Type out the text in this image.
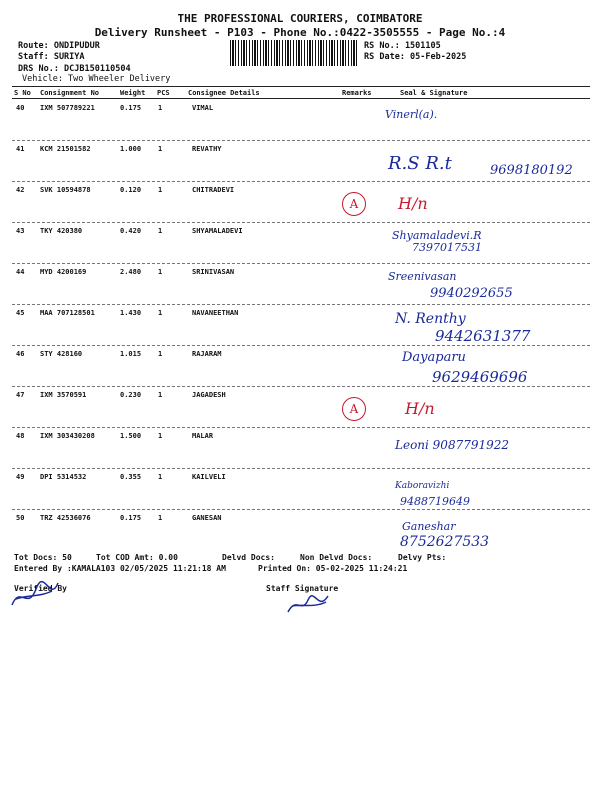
THE PROFESSIONAL COURIERS, COIMBATORE
Delivery Runsheet - P103 - Phone No.:0422-3505555 - Page No.:4
Route: ONDIPUDUR
Staff: SURIYA
DRS No.: DCJB150110504
Vehicle: Two Wheeler Delivery
RS No.: 1501105
RS Date: 05-Feb-2025
S No Consignment No	Weight PCS	Consignee Details	Remarks	Seal & Signature
40 IXM 507789221	0.175 1	VIMAL	Vinerl(a).
41 KCM 21501582	1.000 1	REVATHY
R.S R.t	9698180192
42 SVK 10594878	0.120 1	CHITRADEVI
A	H/n
43 TKY 420380	0.420 1	SHYAMALADEVI	Shyamaladevi.R
7397017531
44 MYD 4200169	2.480 1	SRINIVASAN	Sreenivasan
9940292655
45 MAA 707128501	1.430 1	NAVANEETHAN	N. Renthy
9442631377
46 STY 428160	1.015 1	RAJARAM	Dayaparu
9629469696
47 IXM 3570591	0.230 1	JAGADESH
A	H/n
48 IXM 303430208	1.500 1	MALAR
Leoni 9087791922
49 DPI 5314532	0.355 1	KAILVELI
Kaboravizhi
9488719649
50 TRZ 42536076	0.175 1	GANESAN
Ganeshar
8752627533
Tot Docs: 50	Tot COD Amt: 0.00	Delvd Docs:	Non Delvd Docs:	Delvy Pts:
Entered By :KAMALA103 02/05/2025 11:21:18 AM	Printed On: 05-02-2025 11:24:21
Verified By	Staff Signature
